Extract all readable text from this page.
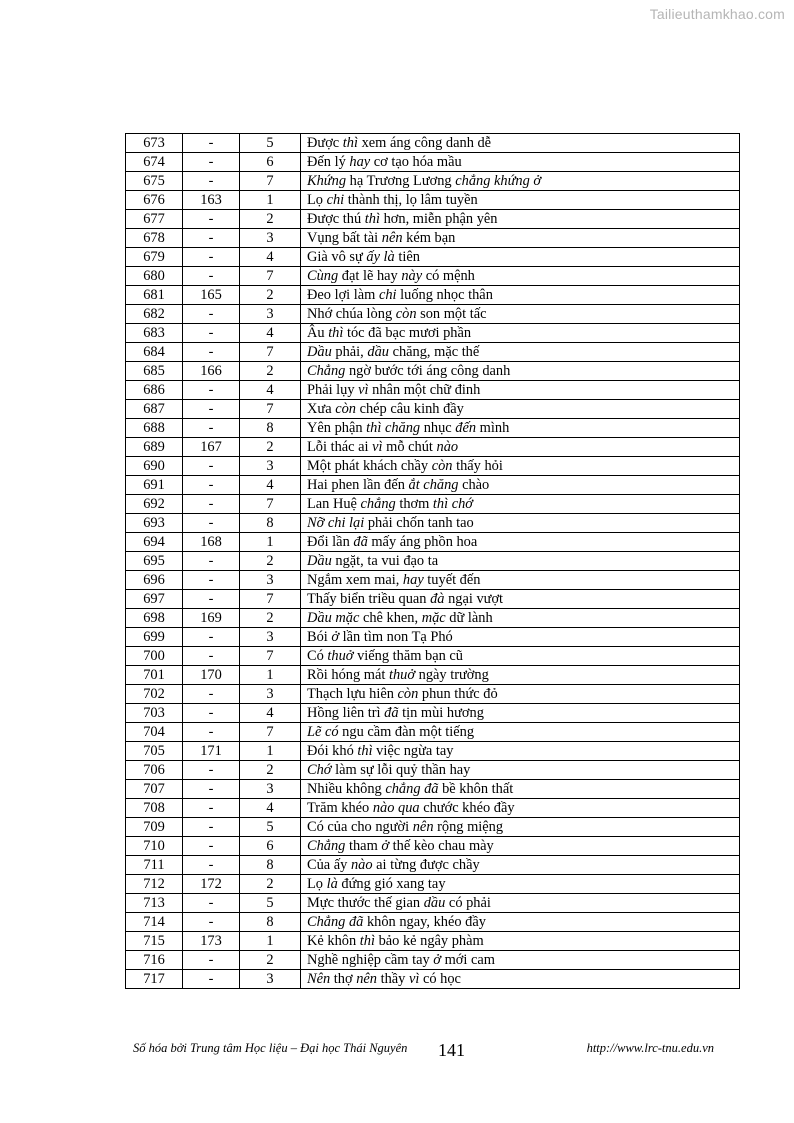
Tailieuthamkhao.com
673	-	5	Được thì xem áng công danh dễ
674	-	6	Đến lý hay cơ tạo hóa mầu
675	-	7	Khứng hạ Trương Lương chẳng khứng ở
676	163	1	Lọ chi thành thị, lọ lâm tuyền
677	-	2	Được thú thì hơn, miễn phận yên
678	-	3	Vụng bất tài nên kém bạn
679	-	4	Già vô sự ấy là tiên
680	-	7	Cùng đạt lẽ hay này có mệnh
681	165	2	Đeo lợi làm chi luống nhọc thân
682	-	3	Nhớ chúa lòng còn son một tấc
683	-	4	Âu thì tóc đã bạc mươi phần
684	-	7	Dầu phải, dầu chăng, mặc thế
685	166	2	Chẳng ngờ bước tới áng công danh
686	-	4	Phải lụy vì nhân một chữ đinh
687	-	7	Xưa còn chép câu kinh đầy
688	-	8	Yên phận thì chăng nhục đến mình
689	167	2	Lỗi thác ai vì mỗ chút nào
690	-	3	Một phát khách chầy còn thấy hỏi
691	-	4	Hai phen lần đến ắt chăng chào
692	-	7	Lan Huệ chẳng thơm thì chớ
693	-	8	Nỡ chi lại phải chốn tanh tao
694	168	1	Đổi lần đã mấy áng phồn hoa
695	-	2	Dầu ngặt, ta vui đạo ta
696	-	3	Ngắm xem mai, hay tuyết đến
697	-	7	Thấy biển triều quan đà ngại vượt
698	169	2	Dầu mặc chê khen, mặc dữ lành
699	-	3	Bói ở lần tìm non Tạ Phó
700	-	7	Có thuở viếng thăm bạn cũ
701	170	1	Rồi hóng mát thuở ngày trường
702	-	3	Thạch lựu hiên còn phun thức đỏ
703	-	4	Hồng liên trì đã tịn mùi hương
704	-	7	Lẽ có ngu cầm đàn một tiếng
705	171	1	Đói khó thì việc ngừa tay
706	-	2	Chớ làm sự lỗi quỷ thần hay
707	-	3	Nhiều không chẳng đã bề khôn thất
708	-	4	Trăm khéo nào qua chước khéo đầy
709	-	5	Có của cho người nên rộng miệng
710	-	6	Chẳng tham ở thế kèo chau mày
711	-	8	Của ấy nào ai từng được chầy
712	172	2	Lọ là đứng gió xang tay
713	-	5	Mực thước thế gian dầu có phải
714	-	8	Chẳng đã khôn ngay, khéo đầy
715	173	1	Kẻ khôn thì bảo kẻ ngây phàm
716	-	2	Nghề nghiệp cầm tay ở mới cam
717	-	3	Nên thợ nên thầy vì có học
Số hóa bởi Trung tâm Học liệu – Đại học Thái Nguyên 141	http://www.lrc-tnu.edu.vn
